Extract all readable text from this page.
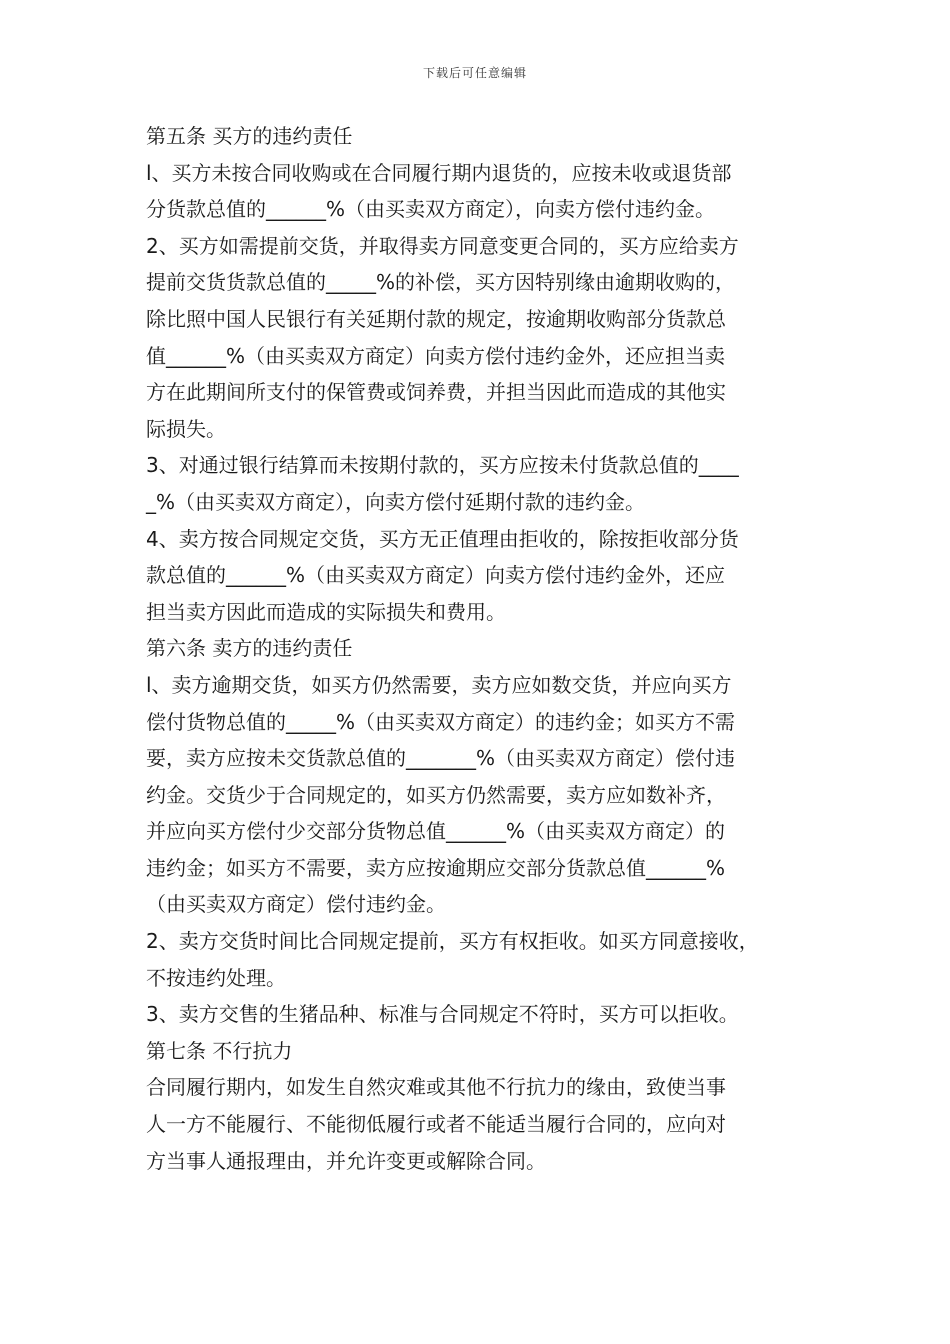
下载后可任意编辑
第五条 买方的违约责任
l、买方未按合同收购或在合同履行期内退货的，应按未收或退货部
分货款总值的______%（由买卖双方商定），向卖方偿付违约金。
2、买方如需提前交货，并取得卖方同意变更合同的，买方应给卖方
提前交货货款总值的_____%的补偿，买方因特别缘由逾期收购的，
除比照中国人民银行有关延期付款的规定，按逾期收购部分货款总
值______%（由买卖双方商定）向卖方偿付违约金外，还应担当卖
方在此期间所支付的保管费或饲养费，并担当因此而造成的其他实
际损失。
3、对通过银行结算而未按期付款的，买方应按未付货款总值的____
_%（由买卖双方商定），向卖方偿付延期付款的违约金。
4、卖方按合同规定交货，买方无正值理由拒收的，除按拒收部分货
款总值的______%（由买卖双方商定）向卖方偿付违约金外，还应
担当卖方因此而造成的实际损失和费用。
第六条 卖方的违约责任
l、卖方逾期交货，如买方仍然需要，卖方应如数交货，并应向买方
偿付货物总值的_____%（由买卖双方商定）的违约金；如买方不需
要，卖方应按未交货款总值的_______%（由买卖双方商定）偿付违
约金。交货少于合同规定的，如买方仍然需要，卖方应如数补齐，
并应向买方偿付少交部分货物总值______%（由买卖双方商定）的
违约金；如买方不需要，卖方应按逾期应交部分货款总值______%
（由买卖双方商定）偿付违约金。
2、卖方交货时间比合同规定提前，买方有权拒收。如买方同意接收，
不按违约处理。
3、卖方交售的生猪品种、标准与合同规定不符时，买方可以拒收。
第七条 不行抗力
合同履行期内，如发生自然灾难或其他不行抗力的缘由，致使当事
人一方不能履行、不能彻低履行或者不能适当履行合同的，应向对
方当事人通报理由，并允许变更或解除合同。
